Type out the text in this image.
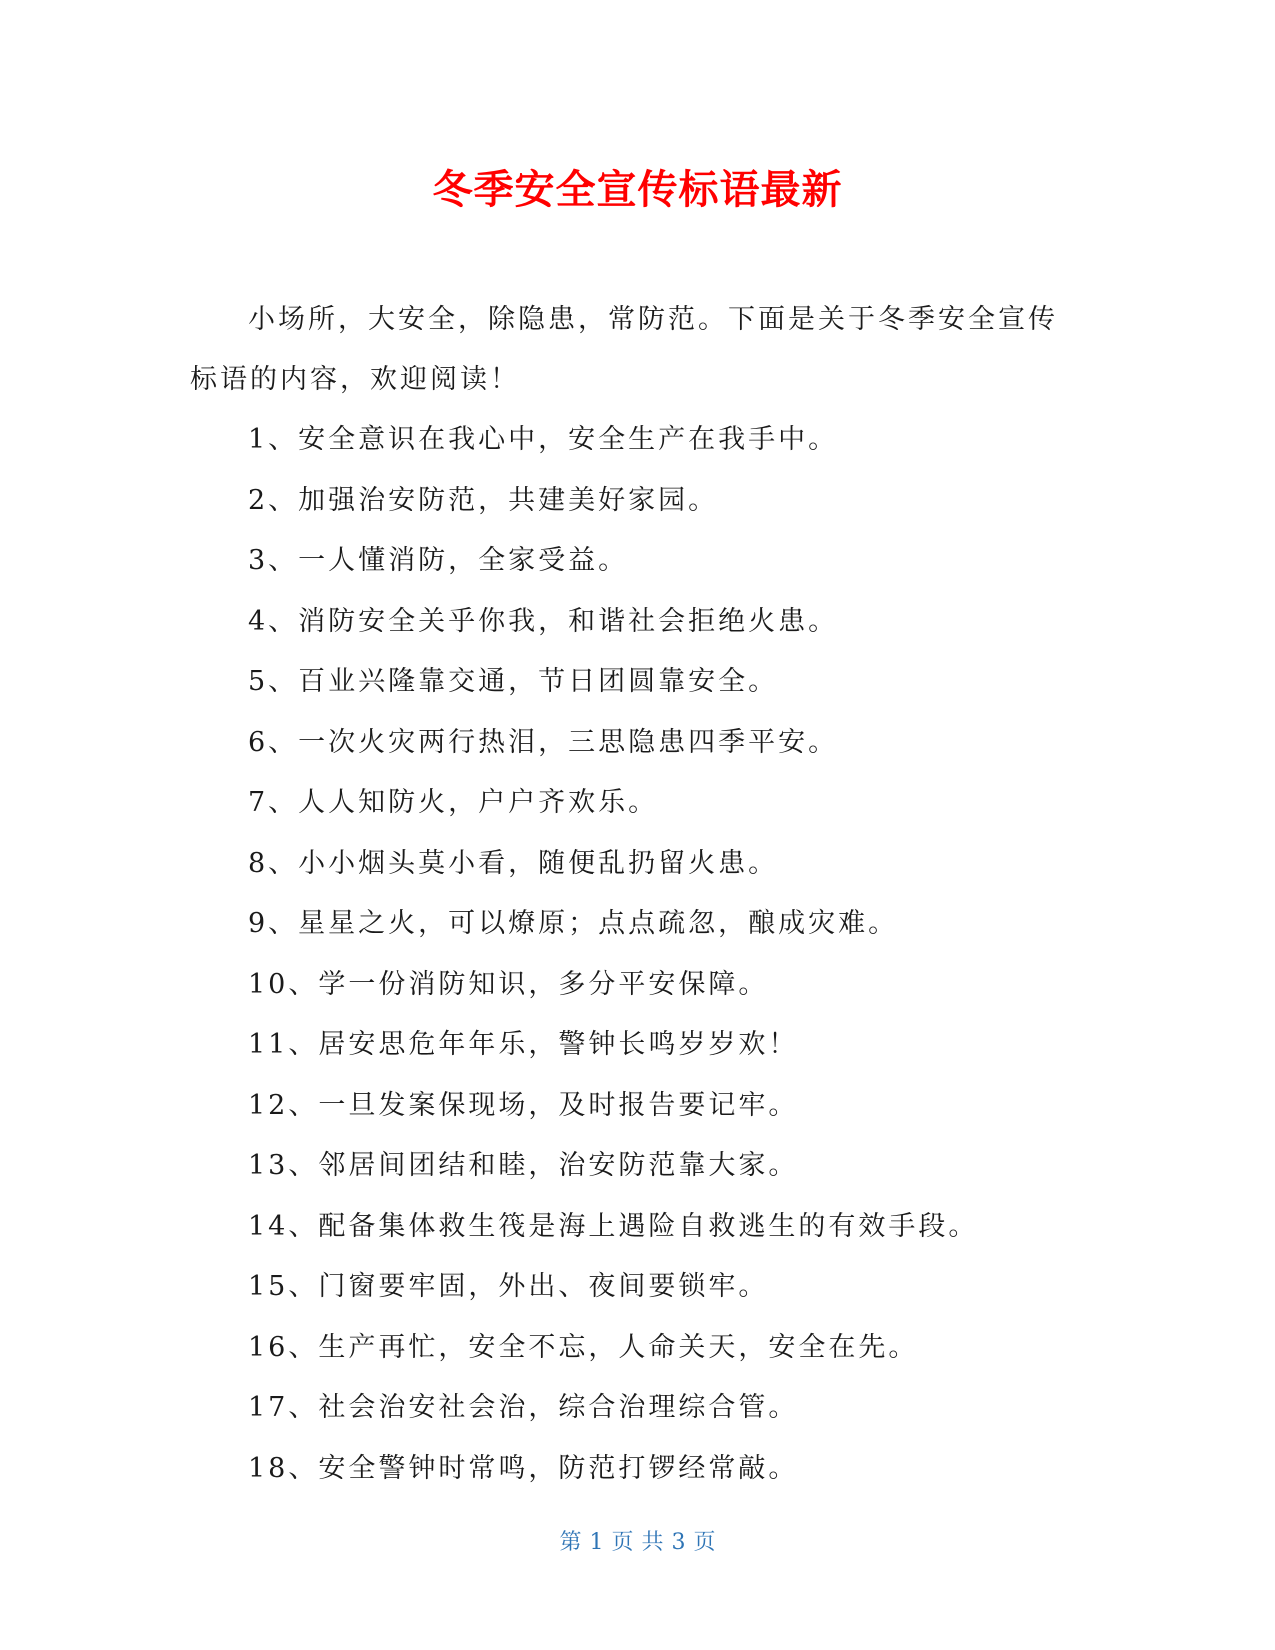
冬季安全宣传标语最新

小场所，大安全，除隐患，常防范。下面是关于冬季安全宣传标语的内容，欢迎阅读！

1、安全意识在我心中，安全生产在我手中。
2、加强治安防范，共建美好家园。
3、一人懂消防，全家受益。
4、消防安全关乎你我，和谐社会拒绝火患。
5、百业兴隆靠交通，节日团圆靠安全。
6、一次火灾两行热泪，三思隐患四季平安。
7、人人知防火，户户齐欢乐。
8、小小烟头莫小看，随便乱扔留火患。
9、星星之火，可以燎原；点点疏忽，酿成灾难。
10、学一份消防知识，多分平安保障。
11、居安思危年年乐，警钟长鸣岁岁欢！
12、一旦发案保现场，及时报告要记牢。
13、邻居间团结和睦，治安防范靠大家。
14、配备集体救生筏是海上遇险自救逃生的有效手段。
15、门窗要牢固，外出、夜间要锁牢。
16、生产再忙，安全不忘，人命关天，安全在先。
17、社会治安社会治，综合治理综合管。
18、安全警钟时常鸣，防范打锣经常敲。
第 1 页 共 3 页
